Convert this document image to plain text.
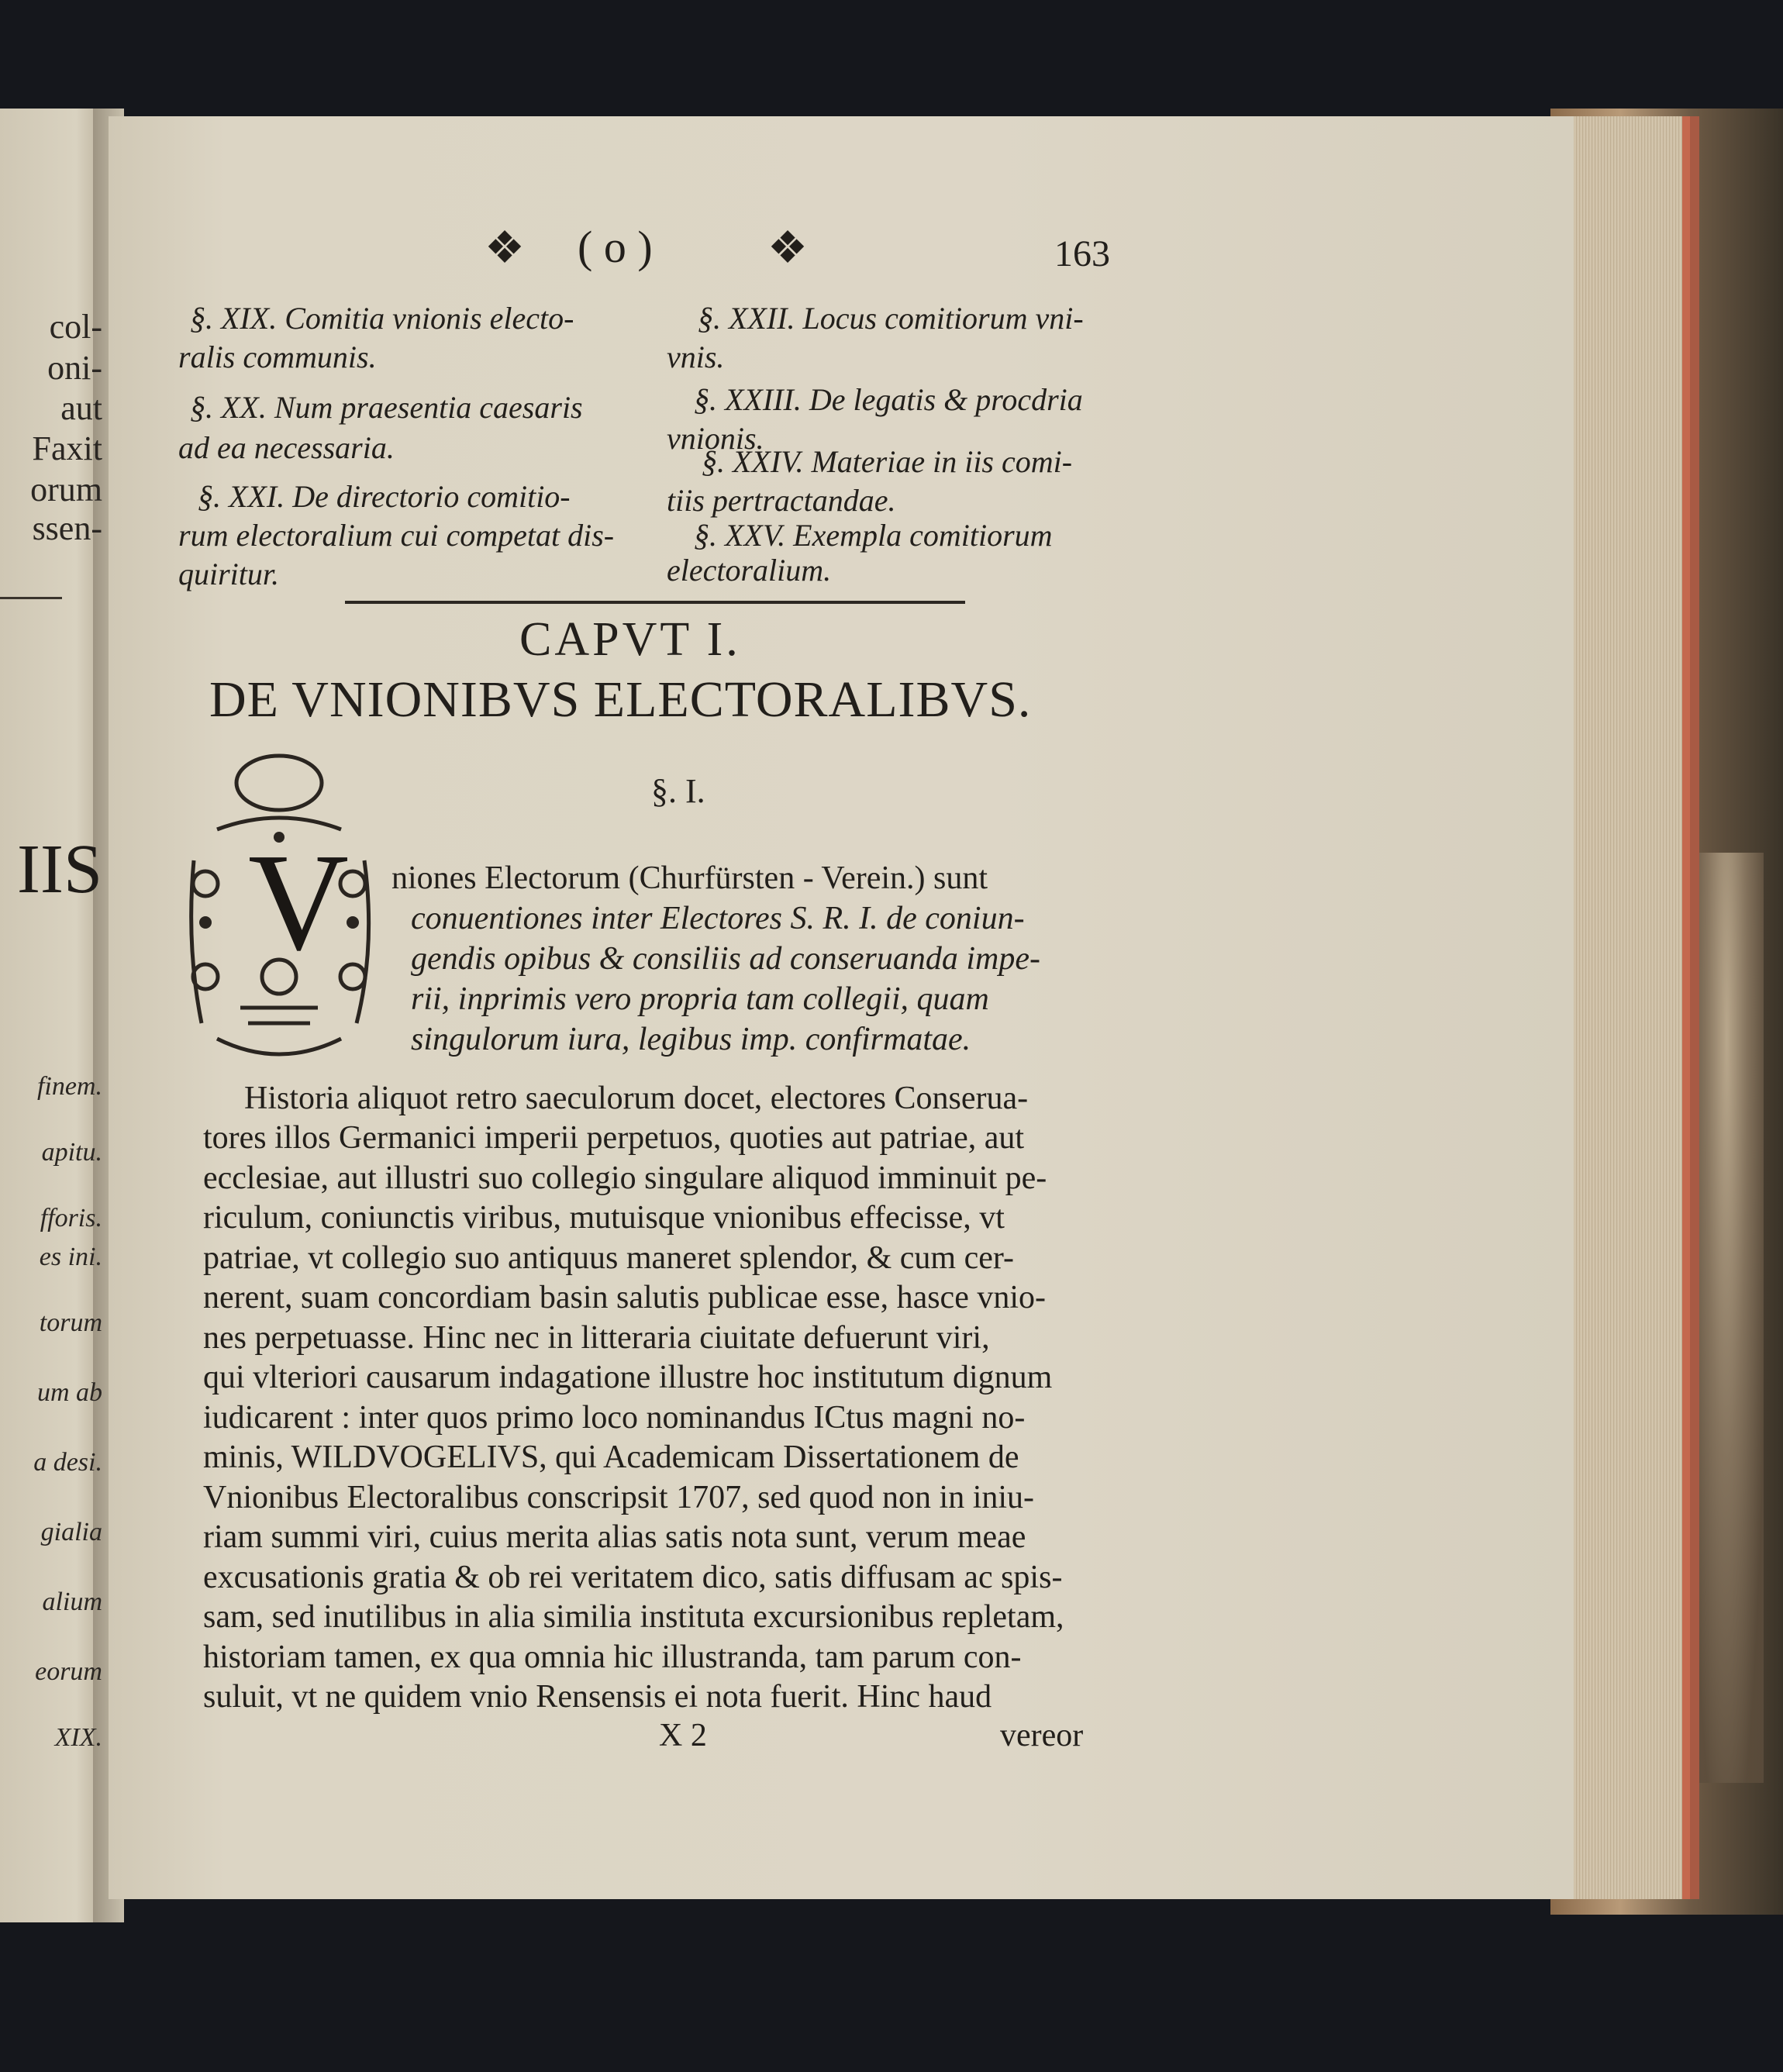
col-
oni-
aut
Faxit
orum
ssen-
IIS
finem.
apitu.
fforis.
es ini.
torum
um ab
a desi.
gialia
alium
eorum
XIX.
❖ ( o )	❖	163
§. XIX. Comitia vnionis electo-
ralis communis.
§. XX. Num praesentia caesaris
ad ea necessaria.
§. XXI. De directorio comitio-
rum electoralium cui competat dis-
quiritur.
§. XXII. Locus comitiorum vni-
vnis.
§. XXIII. De legatis & procdria
vnionis.
§. XXIV. Materiae in iis comi-
tiis pertractandae.
§. XXV. Exempla comitiorum
electoralium.
CAPVT I.
DE VNIONIBVS ELECTORALIBVS.
§. I.
V niones Electorum (Churfürsten - Verein.) sunt
conuentiones inter Electores S. R. I. de coniun-
gendis opibus & consiliis ad conseruanda impe-
rii, inprimis vero propria tam collegii, quam
singulorum iura, legibus imp. confirmatae.
Historia aliquot retro saeculorum docet, electores Conserua-
tores illos Germanici imperii perpetuos, quoties aut patriae, aut
ecclesiae, aut illustri suo collegio singulare aliquod imminuit pe-
riculum, coniunctis viribus, mutuisque vnionibus effecisse, vt
patriae, vt collegio suo antiquus maneret splendor, & cum cer-
nerent, suam concordiam basin salutis publicae esse, hasce vnio-
nes perpetuasse. Hinc nec in litteraria ciuitate defuerunt viri,
qui vlteriori causarum indagatione illustre hoc institutum dignum
iudicarent : inter quos primo loco nominandus ICtus magni no-
minis, WILDVOGELIVS, qui Academicam Dissertationem de
Vnionibus Electoralibus conscripsit 1707, sed quod non in iniu-
riam summi viri, cuius merita alias satis nota sunt, verum meae
excusationis gratia & ob rei veritatem dico, satis diffusam ac spis-
sam, sed inutilibus in alia similia instituta excursionibus repletam,
historiam tamen, ex qua omnia hic illustranda, tam parum con-
suluit, vt ne quidem vnio Rensensis ei nota fuerit. Hinc haud
X 2	vereor
